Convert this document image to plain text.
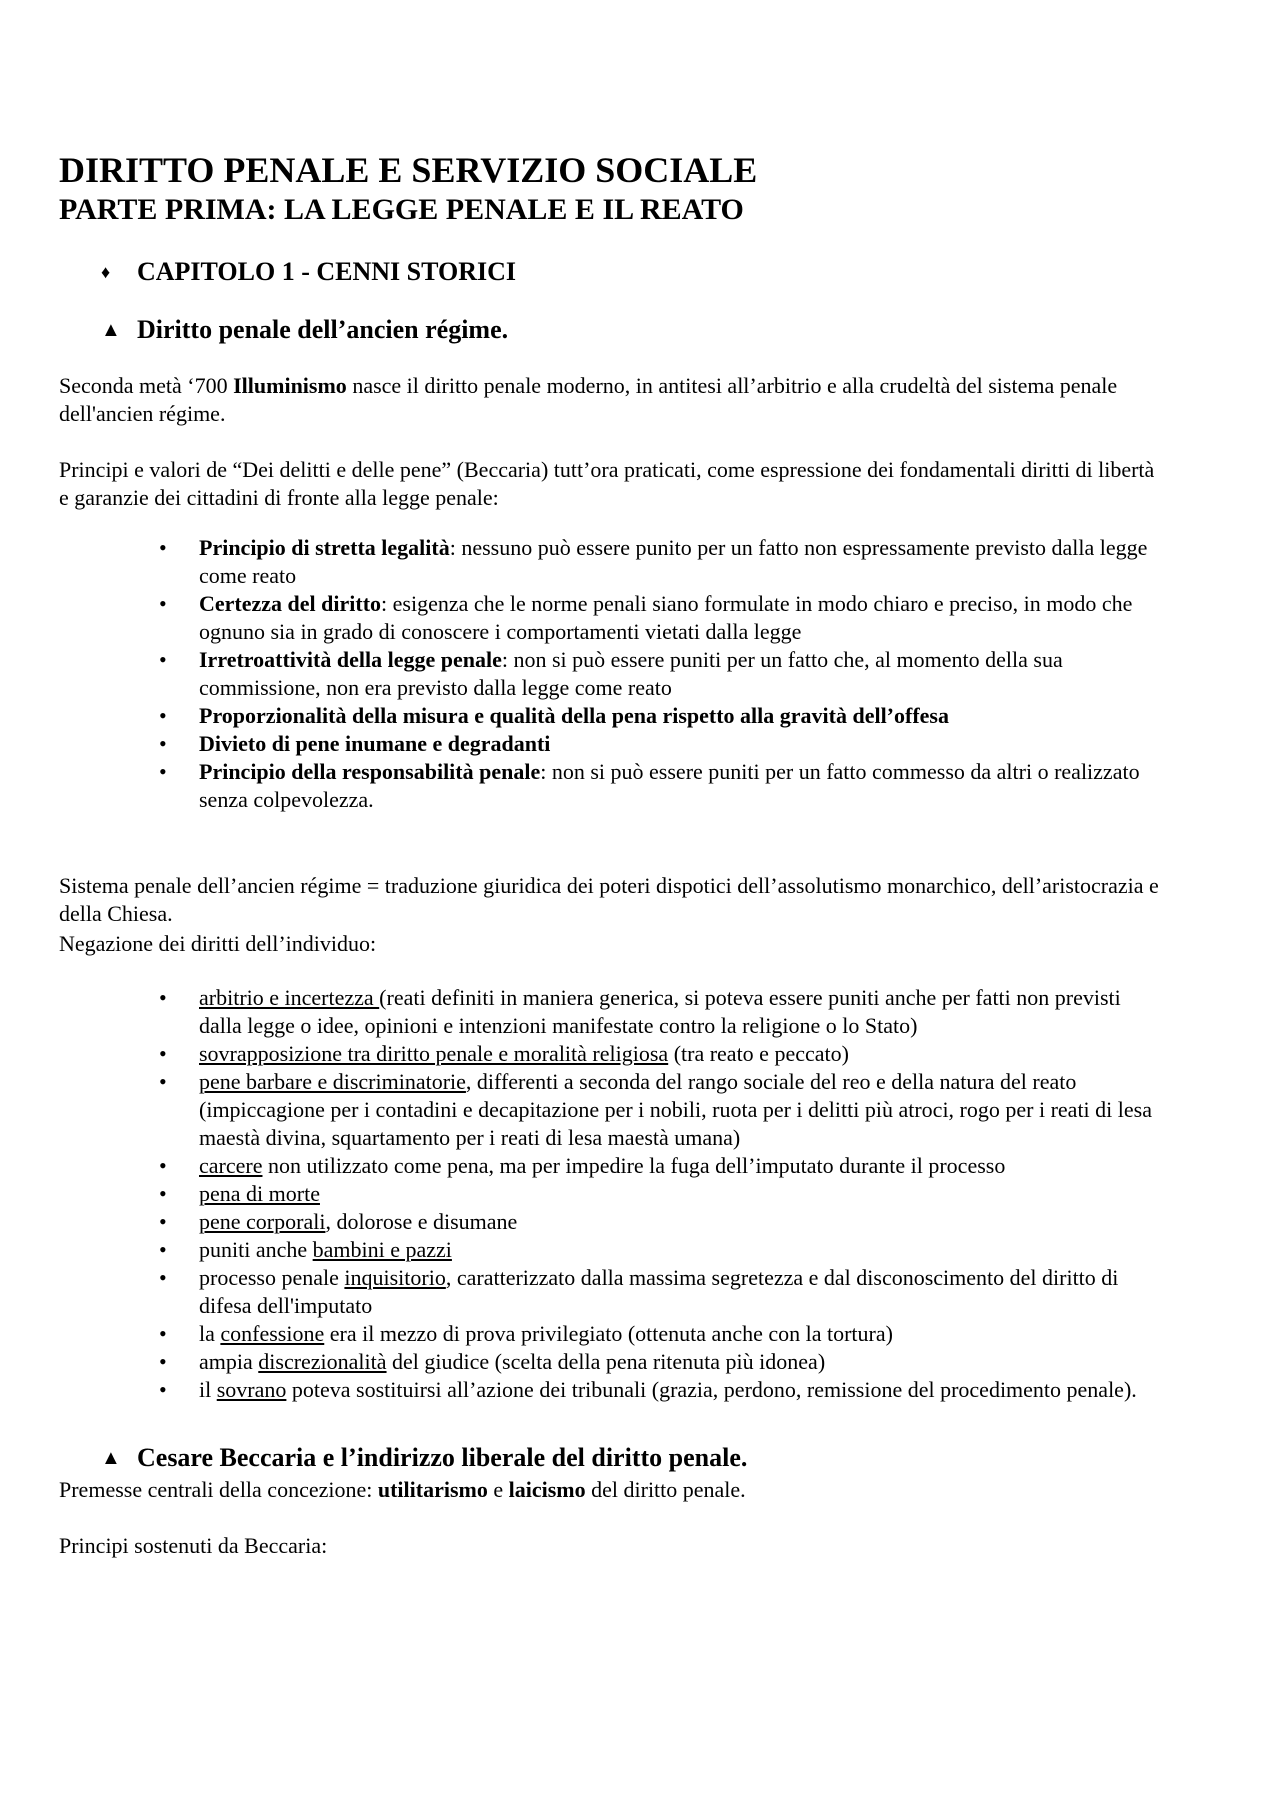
DIRITTO PENALE E SERVIZIO SOCIALE
PARTE PRIMA: LA LEGGE PENALE E IL REATO
♦	CAPITOLO 1 - CENNI STORICI
▲ Diritto penale dell’ancien régime.

Seconda metà ‘700 Illuminismo nasce il diritto penale moderno, in antitesi all’arbitrio e alla crudeltà del sistema penale dell'ancien régime.

Principi e valori de “Dei delitti e delle pene” (Beccaria) tutt’ora praticati, come espressione dei fondamentali diritti di libertà e garanzie dei cittadini di fronte alla legge penale:

• Principio di stretta legalità: nessuno può essere punito per un fatto non espressamente previsto dalla legge come reato
• Certezza del diritto: esigenza che le norme penali siano formulate in modo chiaro e preciso, in modo che ognuno sia in grado di conoscere i comportamenti vietati dalla legge
• Irretroattività della legge penale: non si può essere puniti per un fatto che, al momento della sua commissione, non era previsto dalla legge come reato
• Proporzionalità della misura e qualità della pena rispetto alla gravità dell’offesa
• Divieto di pene inumane e degradanti
• Principio della responsabilità penale: non si può essere puniti per un fatto commesso da altri o realizzato senza colpevolezza.

Sistema penale dell’ancien régime = traduzione giuridica dei poteri dispotici dell’assolutismo monarchico, dell’aristocrazia e della Chiesa.

Negazione dei diritti dell’individuo:

• arbitrio e incertezza (reati definiti in maniera generica, si poteva essere puniti anche per fatti non previsti dalla legge o idee, opinioni e intenzioni manifestate contro la religione o lo Stato)
• sovrapposizione tra diritto penale e moralità religiosa (tra reato e peccato)
• pene barbare e discriminatorie, differenti a seconda del rango sociale del reo e della natura del reato (impiccagione per i contadini e decapitazione per i nobili, ruota per i delitti più atroci, rogo per i reati di lesa maestà divina, squartamento per i reati di lesa maestà umana)
• carcere non utilizzato come pena, ma per impedire la fuga dell’imputato durante il processo
• pena di morte
• pene corporali, dolorose e disumane
• puniti anche bambini e pazzi
• processo penale inquisitorio, caratterizzato dalla massima segretezza e dal disconoscimento del diritto di difesa dell'imputato
• la confessione era il mezzo di prova privilegiato (ottenuta anche con la tortura)
• ampia discrezionalità del giudice (scelta della pena ritenuta più idonea)
• il sovrano poteva sostituirsi all’azione dei tribunali (grazia, perdono, remissione del procedimento penale).
▲ Cesare Beccaria e l’indirizzo liberale del diritto penale.

Premesse centrali della concezione: utilitarismo e laicismo del diritto penale.

Principi sostenuti da Beccaria:
